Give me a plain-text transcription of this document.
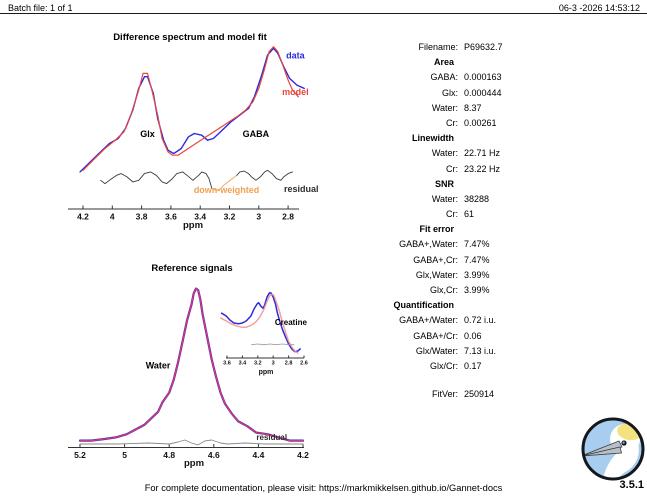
Batch file: 1 of 1	06-3 -2026 14:53:12
4.2 4 3.8 3.6 3.4 3.2 3 2.8
ppm
Difference spectrum and model fit
Glx	GABA
data
model
down-weighted	residual
5.2	5	4.8	4.6	4.4	4.2
ppm
Reference signals
Water
residual
3.6 3.4 3.2 3 2.8 2.6
ppm
Creatine
Filename: P69632.7
Area
GABA: 0.000163
Glx: 0.000444
Water: 8.37
Cr: 0.00261
Linewidth
Water: 22.71 Hz
Cr: 23.22 Hz
SNR
Water: 38288
Cr: 61
Fit error
GABA+,Water: 7.47%
GABA+,Cr: 7.47%
Glx,Water: 3.99%
Glx,Cr: 3.99%
Quantification
GABA+/Water: 0.72 i.u.
GABA+/Cr: 0.06
Glx/Water: 7.13 i.u.
Glx/Cr: 0.17
FitVer: 250914
3.5.1
For complete documentation, please visit: https://markmikkelsen.github.io/Gannet-docs
